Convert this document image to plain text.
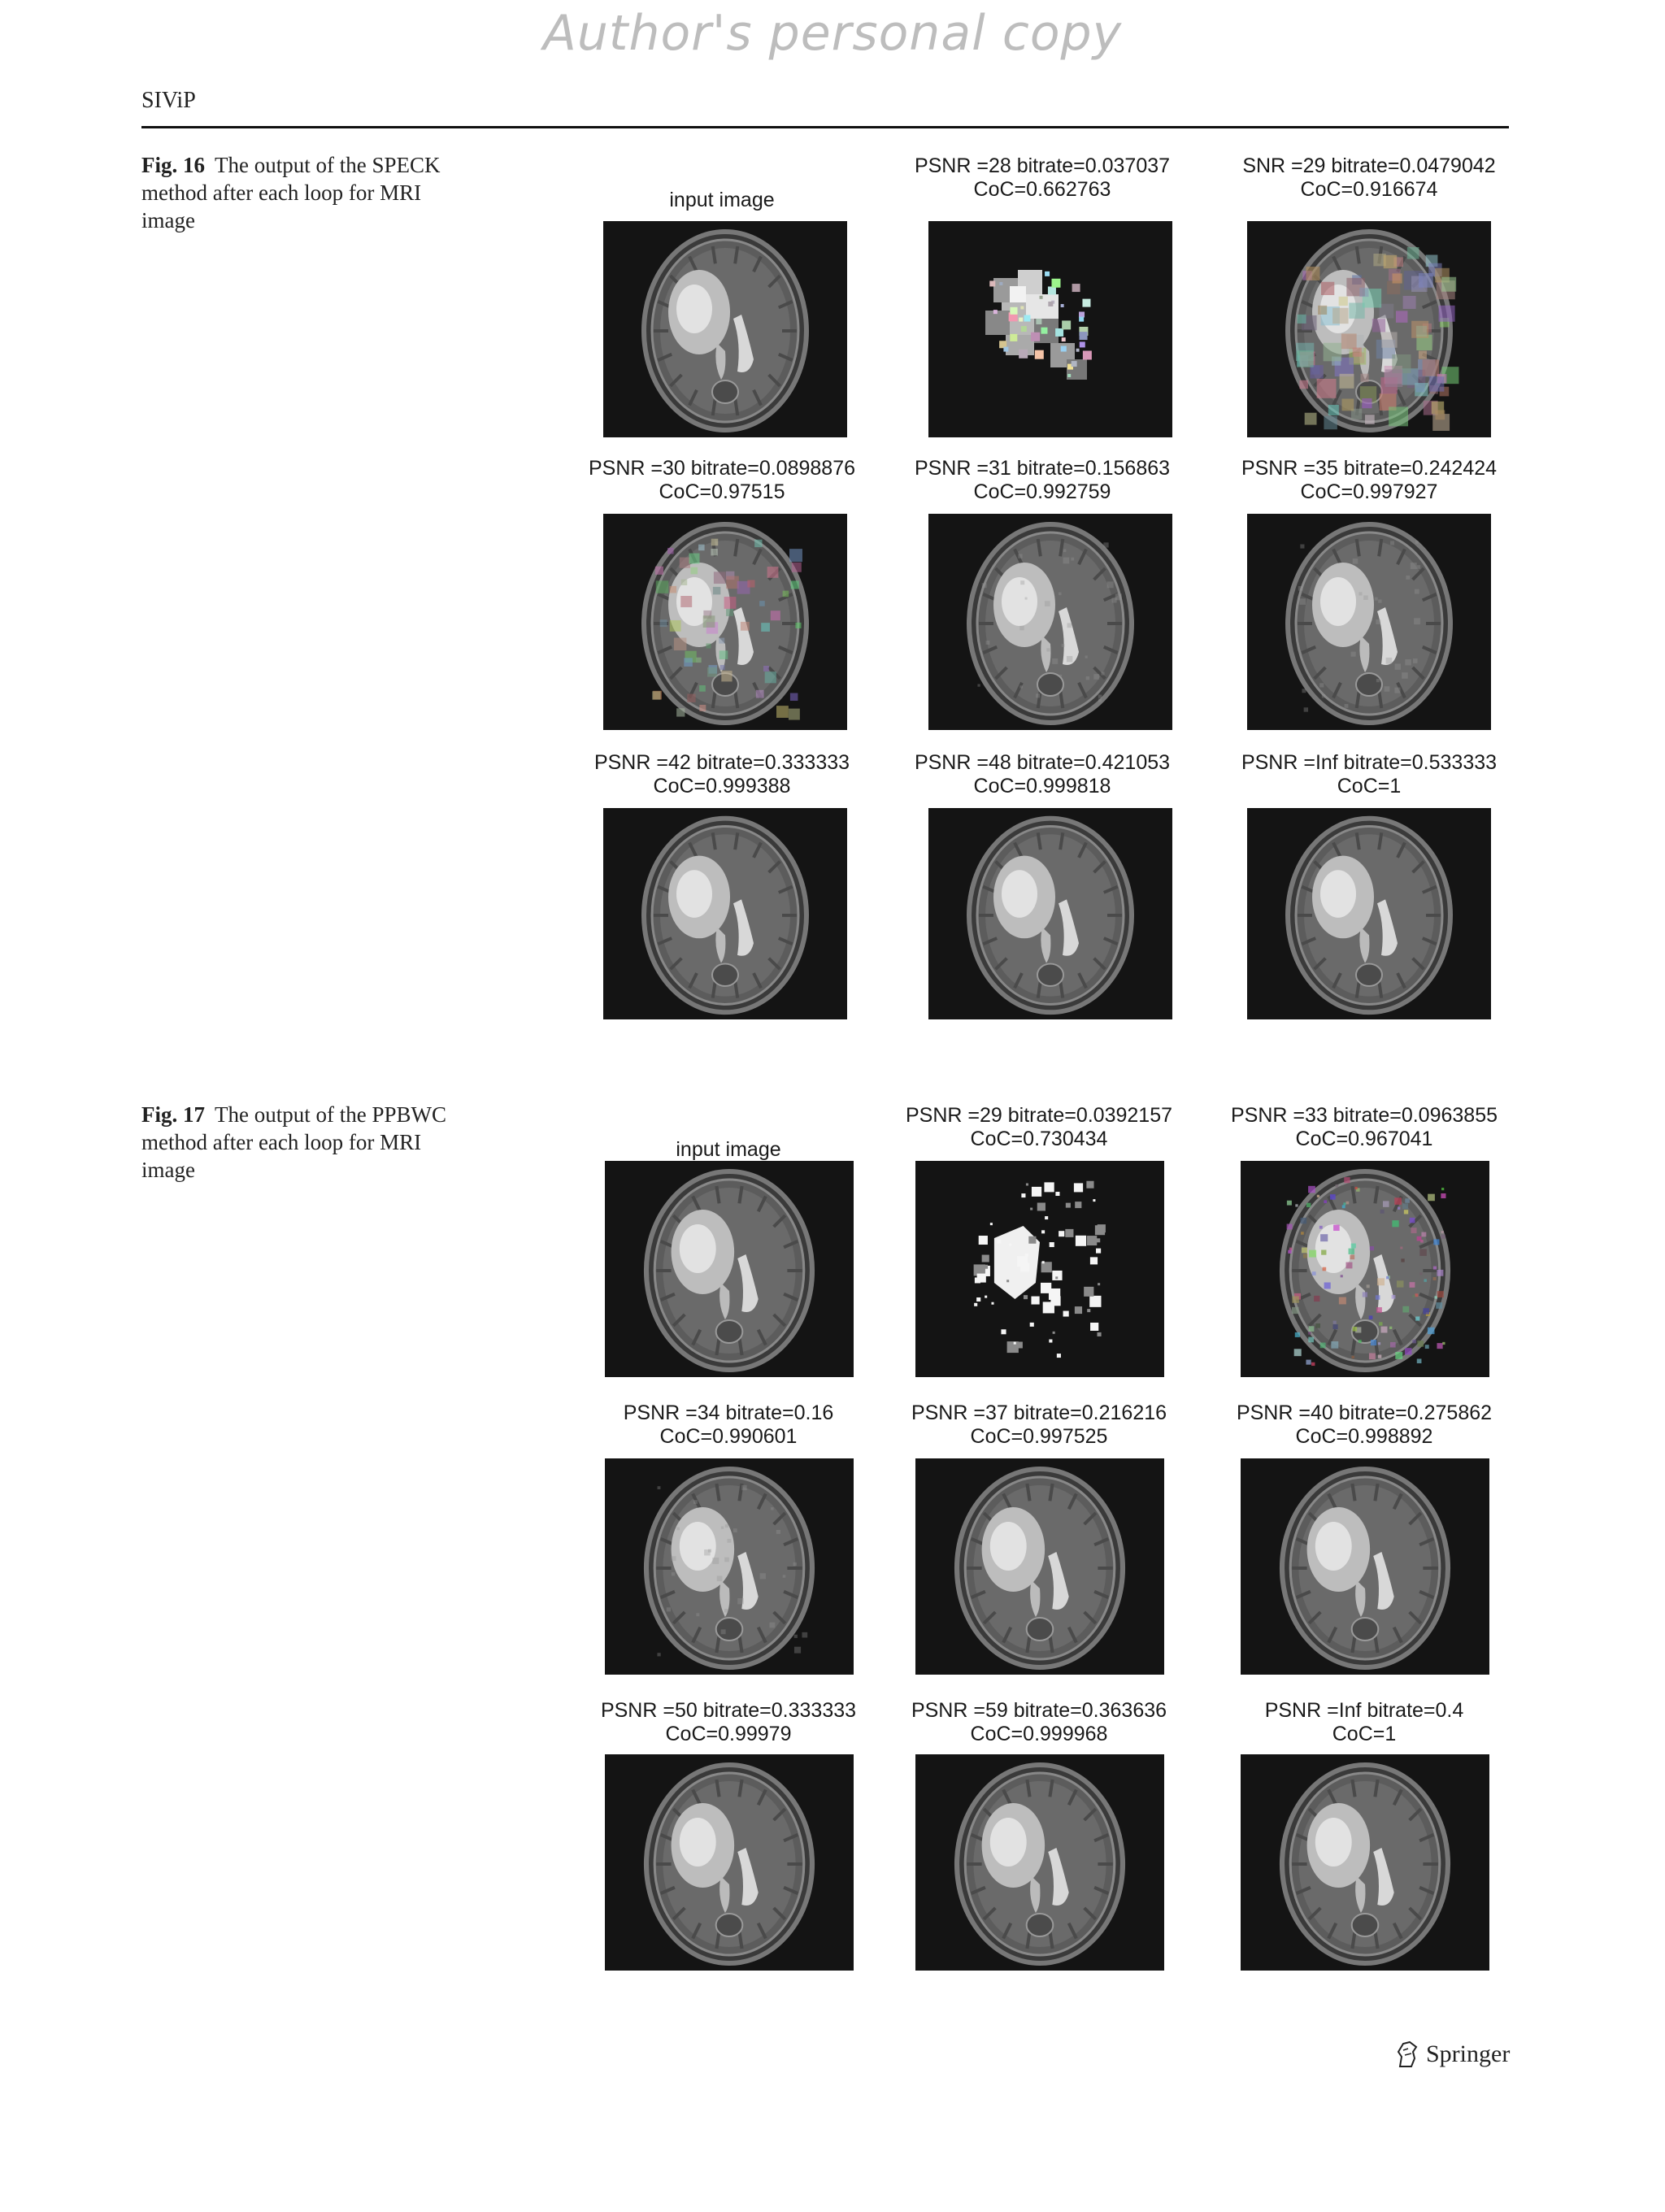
Author's personal copy
SIViP
Fig. 16 The output of the SPECK method after each loop for MRI image
Fig. 17 The output of the PPBWC method after each loop for MRI image
input image
PSNR =28 bitrate=0.037037
CoC=0.662763
SNR =29 bitrate=0.0479042
CoC=0.916674
PSNR =30 bitrate=0.0898876
CoC=0.97515
PSNR =31 bitrate=0.156863
CoC=0.992759
PSNR =35 bitrate=0.242424
CoC=0.997927
PSNR =42 bitrate=0.333333
CoC=0.999388
PSNR =48 bitrate=0.421053
CoC=0.999818
PSNR =Inf bitrate=0.533333
CoC=1
input image
PSNR =29 bitrate=0.0392157
CoC=0.730434
PSNR =33 bitrate=0.0963855
CoC=0.967041
PSNR =34 bitrate=0.16
CoC=0.990601
PSNR =37 bitrate=0.216216
CoC=0.997525
PSNR =40 bitrate=0.275862
CoC=0.998892
PSNR =50 bitrate=0.333333
CoC=0.99979
PSNR =59 bitrate=0.363636
CoC=0.999968
PSNR =Inf bitrate=0.4
CoC=1
Springer
